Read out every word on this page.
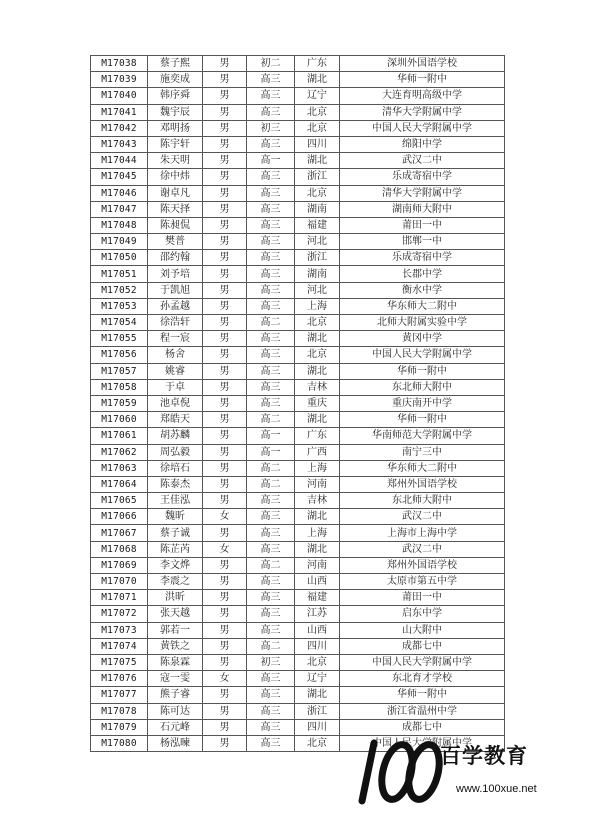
M17038	蔡子熙	男	初二	广东	深圳外国语学校
M17039	施奕成	男	高三	湖北	华师一附中
M17040	韩序舜	男	高三	辽宁	大连育明高级中学
M17041	魏宇辰	男	高三	北京	清华大学附属中学
M17042	邓明扬	男	初三	北京	中国人民大学附属中学
M17043	陈宇轩	男	高三	四川	绵阳中学
M17044	朱天明	男	高一	湖北	武汉二中
M17045	徐中炜	男	高三	浙江	乐成寄宿中学
M17046	谢卓凡	男	高三	北京	清华大学附属中学
M17047	陈天择	男	高三	湖南	湖南师大附中
M17048	陈昶侃	男	高三	福建	莆田一中
M17049	樊普	男	高三	河北	邯郸一中
M17050	邵约翰	男	高三	浙江	乐成寄宿中学
M17051	刘予培	男	高三	湖南	长郡中学
M17052	于凯旭	男	高三	河北	衡水中学
M17053	孙孟越	男	高三	上海	华东师大二附中
M17054	徐浩轩	男	高二	北京	北师大附属实验中学
M17055	程一宸	男	高三	湖北	黄冈中学
M17056	杨舍	男	高三	北京	中国人民大学附属中学
M17057	姚睿	男	高三	湖北	华师一附中
M17058	于卓	男	高三	吉林	东北师大附中
M17059	池卓倪	男	高三	重庆	重庆南开中学
M17060	郑皓天	男	高二	湖北	华师一附中
M17061	胡苏麟	男	高一	广东	华南师范大学附属中学
M17062	周弘毅	男	高一	广西	南宁三中
M17063	徐培石	男	高二	上海	华东师大二附中
M17064	陈泰杰	男	高二	河南	郑州外国语学校
M17065	王佳泓	男	高三	吉林	东北师大附中
M17066	魏昕	女	高三	湖北	武汉二中
M17067	蔡子诚	男	高三	上海	上海市上海中学
M17068	陈芷芮	女	高三	湖北	武汉二中
M17069	李文烨	男	高二	河南	郑州外国语学校
M17070	李震之	男	高三	山西	太原市第五中学
M17071	洪昕	男	高三	福建	莆田一中
M17072	张天越	男	高三	江苏	启东中学
M17073	郭若一	男	高三	山西	山大附中
M17074	黄铁之	男	高二	四川	成都七中
M17075	陈泉霖	男	初三	北京	中国人民大学附属中学
M17076	寇一雯	女	高三	辽宁	东北育才学校
M17077	熊子睿	男	高三	湖北	华师一附中
M17078	陈可达	男	高三	浙江	浙江省温州中学
M17079	石元峰	男	高三	四川	成都七中
M17080	杨泓暕	男	高三	北京	中国人民大学附属中学
百学教育
www.100xue.net
